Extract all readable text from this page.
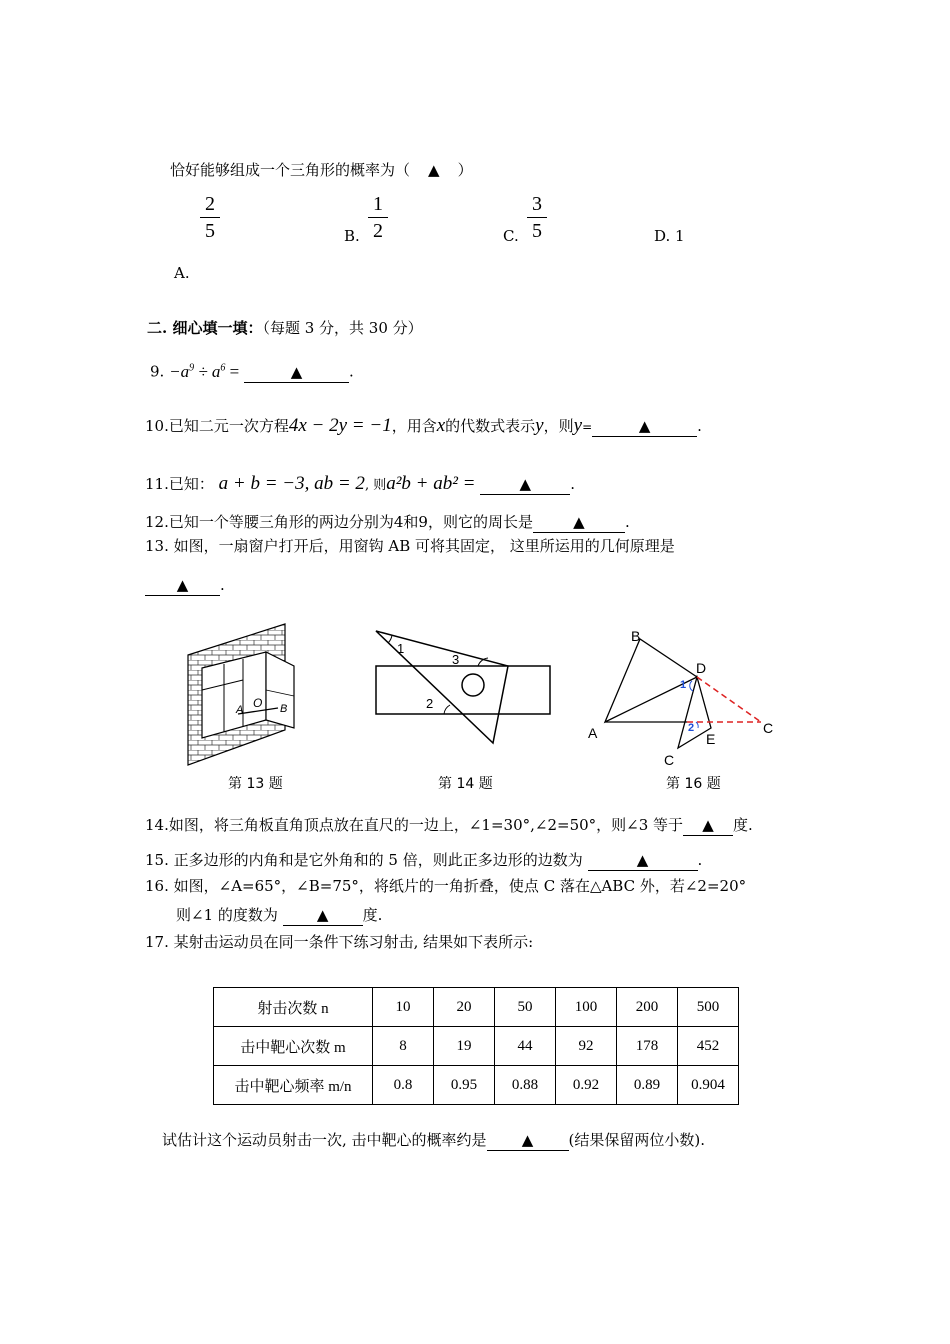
恰好能够组成一个三角形的概率为（ ▲ ）
2
5	B.
1
2	C.
3
5	D. 1
A.
二. 细心填一填：（每题 3 分，共 30 分）
9. $-a^9 \div a^6$ =	▲	.
10.已知二元一次方程4x − 2y = −1，用含x的代数式表示y，则y=	▲	.
11.已知： a + b = −3, ab = 2, 则a²b + ab² =	▲	.
12.已知一个等腰三角形的两边分别为4和9，则它的周长是	▲	.
13. 如图，一扇窗户打开后，用窗钩 AB 可将其固定， 这里所运用的几何原理是
▲ .
A O B
第 13 题
1
3
2
第 14 题
B
D
1
A	2
E
C
C
第 16 题
14.如图，将三角板直角顶点放在直尺的一边上，∠1=30°,∠2=50°，则∠3 等于 ▲ 度.
15. 正多边形的内角和是它外角和的 5 倍，则此正多边形的边数为	▲	.
16. 如图，∠A=65°，∠B=75°，将纸片的一角折叠，使点 C 落在△ABC 外，若∠2=20°
则∠1 的度数为	▲ 度.
17. 某射击运动员在同一条件下练习射击, 结果如下表所示:
射击次数 n	10	20	50	100	200	500
击中靶心次数 m	8	19	44	92	178	452
击中靶心频率 m/n	0.8	0.95	0.88	0.92	0.89	0.904
试估计这个运动员射击一次, 击中靶心的概率约是 ▲ (结果保留两位小数).
